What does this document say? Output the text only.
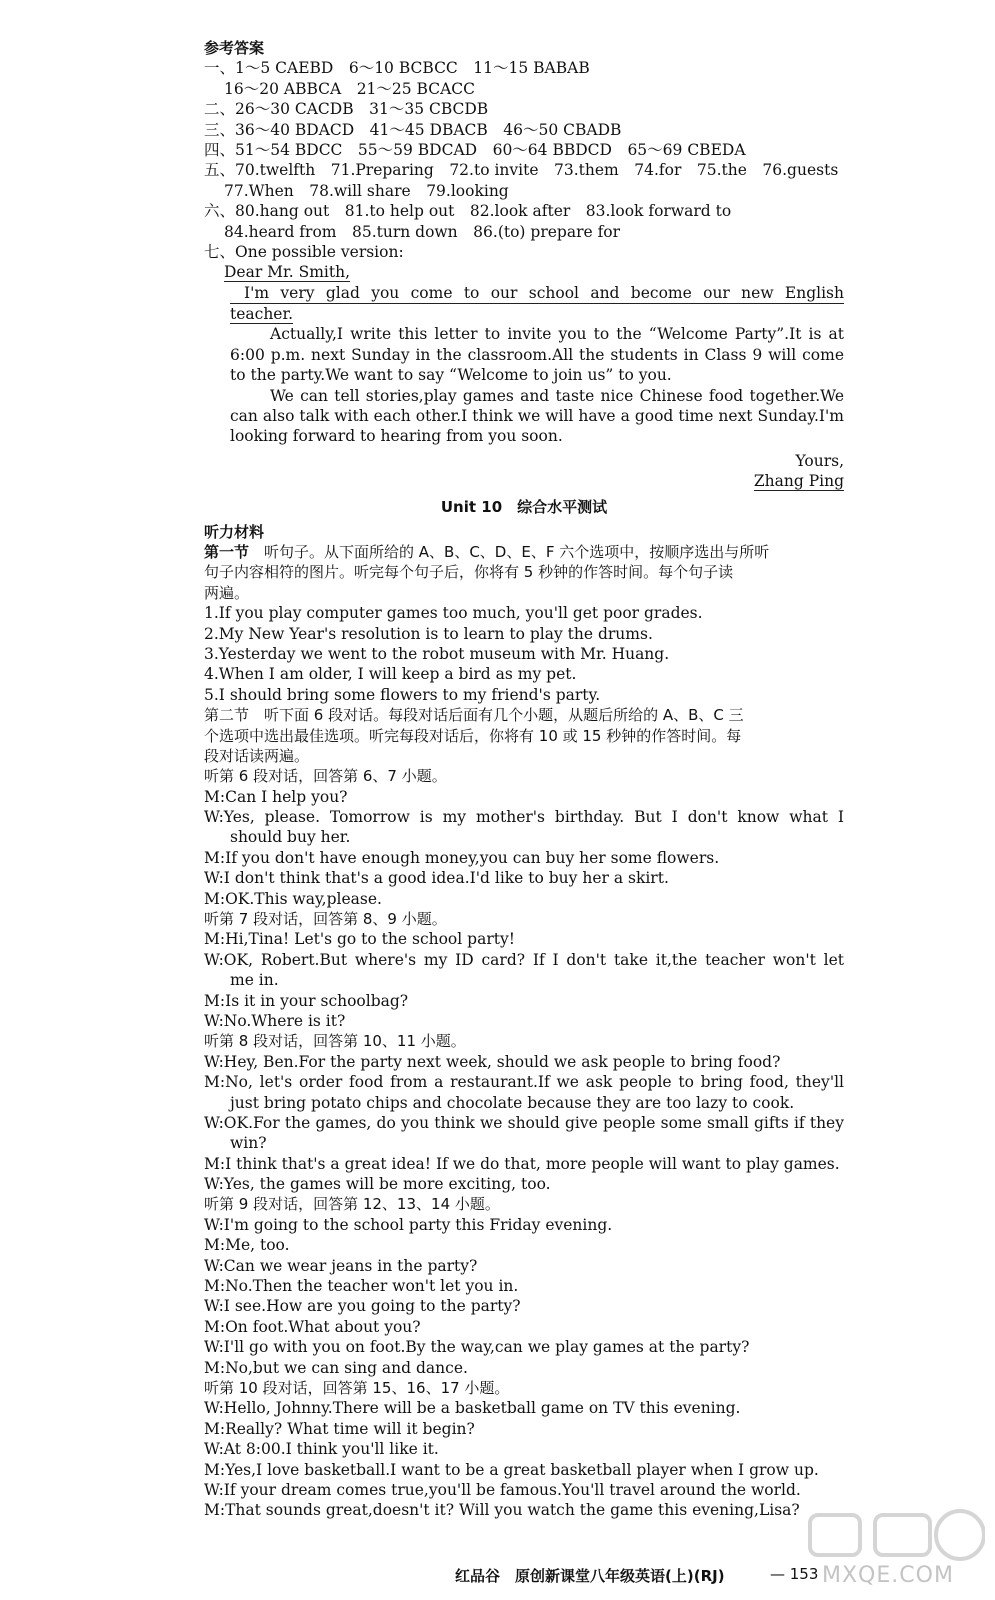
参考答案
一、1～5 CAEBD　6～10 BCBCC　11～15 BABAB
16～20 ABBCA　21～25 BCACC
二、26～30 CACDB　31～35 CBCDB
三、36～40 BDACD　41～45 DBACB　46～50 CBADB
四、51～54 BDCC　55～59 BDCAD　60～64 BBDCD　65～69 CBEDA
五、70.twelfth　71.Preparing　72.to invite　73.them　74.for　75.the　76.guests
77.When　78.will share　79.looking
六、80.hang out　81.to help out　82.look after　83.look forward to
84.heard from　85.turn down　86.(to) prepare for
七、One possible version:
Dear Mr. Smith,
I'm very glad you come to our school and become our new English
teacher.
Actually,I write this letter to invite you to the “Welcome Party”.It is at
6:00 p.m. next Sunday in the classroom.All the students in Class 9 will come
to the party.We want to say “Welcome to join us” to you.
We can tell stories,play games and taste nice Chinese food together.We
can also talk with each other.I think we will have a good time next Sunday.I'm
looking forward to hearing from you soon.
Yours,
Zhang Ping
Unit 10　综合水平测试
听力材料
第一节　听句子。从下面所给的 A、B、C、D、E、F 六个选项中，按顺序选出与所听
句子内容相符的图片。听完每个句子后，你将有 5 秒钟的作答时间。每个句子读
两遍。
1.If you play computer games too much, you'll get poor grades.
2.My New Year's resolution is to learn to play the drums.
3.Yesterday we went to the robot museum with Mr. Huang.
4.When I am older, I will keep a bird as my pet.
5.I should bring some flowers to my friend's party.
第二节　听下面 6 段对话。每段对话后面有几个小题，从题后所给的 A、B、C 三
个选项中选出最佳选项。听完每段对话后，你将有 10 或 15 秒钟的作答时间。每
段对话读两遍。
听第 6 段对话，回答第 6、7 小题。
M:Can I help you?
W:Yes, please. Tomorrow is my mother's birthday. But I don't know what I
should buy her.
M:If you don't have enough money,you can buy her some flowers.
W:I don't think that's a good idea.I'd like to buy her a skirt.
M:OK.This way,please.
听第 7 段对话，回答第 8、9 小题。
M:Hi,Tina! Let's go to the school party!
W:OK, Robert.But where's my ID card? If I don't take it,the teacher won't let
me in.
M:Is it in your schoolbag?
W:No.Where is it?
听第 8 段对话，回答第 10、11 小题。
W:Hey, Ben.For the party next week, should we ask people to bring food?
M:No, let's order food from a restaurant.If we ask people to bring food, they'll
just bring potato chips and chocolate because they are too lazy to cook.
W:OK.For the games, do you think we should give people some small gifts if they
win?
M:I think that's a great idea! If we do that, more people will want to play games.
W:Yes, the games will be more exciting, too.
听第 9 段对话，回答第 12、13、14 小题。
W:I'm going to the school party this Friday evening.
M:Me, too.
W:Can we wear jeans in the party?
M:No.Then the teacher won't let you in.
W:I see.How are you going to the party?
M:On foot.What about you?
W:I'll go with you on foot.By the way,can we play games at the party?
M:No,but we can sing and dance.
听第 10 段对话，回答第 15、16、17 小题。
W:Hello, Johnny.There will be a basketball game on TV this evening.
M:Really? What time will it begin?
W:At 8:00.I think you'll like it.
M:Yes,I love basketball.I want to be a great basketball player when I grow up.
W:If your dream comes true,you'll be famous.You'll travel around the world.
M:That sounds great,doesn't it? Will you watch the game this evening,Lisa?
红品谷　原创新课堂八年级英语(上)(RJ)	— 153 MXQE.COM
